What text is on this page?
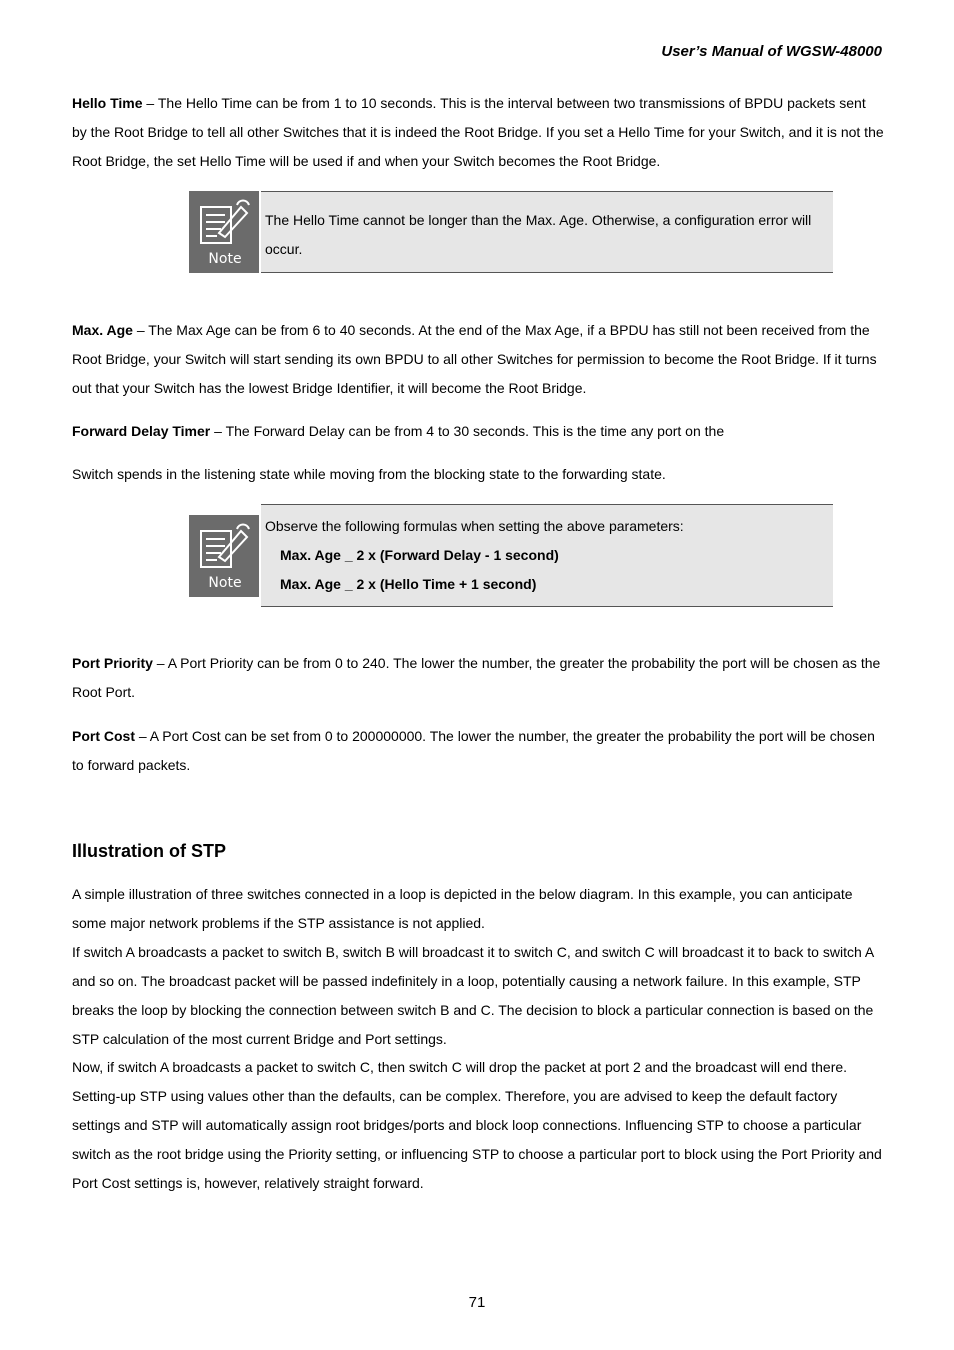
User’s Manual of WGSW-48000

Hello Time – The Hello Time can be from 1 to 10 seconds. This is the interval between two transmissions of BPDU packets sent by the Root Bridge to tell all other Switches that it is indeed the Root Bridge. If you set a Hello Time for your Switch, and it is not the Root Bridge, the set Hello Time will be used if and when your Switch becomes the Root Bridge.

Note
The Hello Time cannot be longer than the Max. Age. Otherwise, a configuration error will occur.

Max. Age – The Max Age can be from 6 to 40 seconds. At the end of the Max Age, if a BPDU has still not been received from the Root Bridge, your Switch will start sending its own BPDU to all other Switches for permission to become the Root Bridge. If it turns out that your Switch has the lowest Bridge Identifier, it will become the Root Bridge.

Forward Delay Timer – The Forward Delay can be from 4 to 30 seconds. This is the time any port on the

Switch spends in the listening state while moving from the blocking state to the forwarding state.

Note
Observe the following formulas when setting the above parameters:
Max. Age _ 2 x (Forward Delay - 1 second)
Max. Age _ 2 x (Hello Time + 1 second)

Port Priority – A Port Priority can be from 0 to 240. The lower the number, the greater the probability the port will be chosen as the Root Port.

Port Cost – A Port Cost can be set from 0 to 200000000. The lower the number, the greater the probability the port will be chosen to forward packets.

Illustration of STP

A simple illustration of three switches connected in a loop is depicted in the below diagram. In this example, you can anticipate some major network problems if the STP assistance is not applied.

If switch A broadcasts a packet to switch B, switch B will broadcast it to switch C, and switch C will broadcast it to back to switch A and so on. The broadcast packet will be passed indefinitely in a loop, potentially causing a network failure. In this example, STP breaks the loop by blocking the connection between switch B and C. The decision to block a particular connection is based on the STP calculation of the most current Bridge and Port settings.

Now, if switch A broadcasts a packet to switch C, then switch C will drop the packet at port 2 and the broadcast will end there. Setting-up STP using values other than the defaults, can be complex. Therefore, you are advised to keep the default factory settings and STP will automatically assign root bridges/ports and block loop connections. Influencing STP to choose a particular switch as the root bridge using the Priority setting, or influencing STP to choose a particular port to block using the Port Priority and Port Cost settings is, however, relatively straight forward.

71
